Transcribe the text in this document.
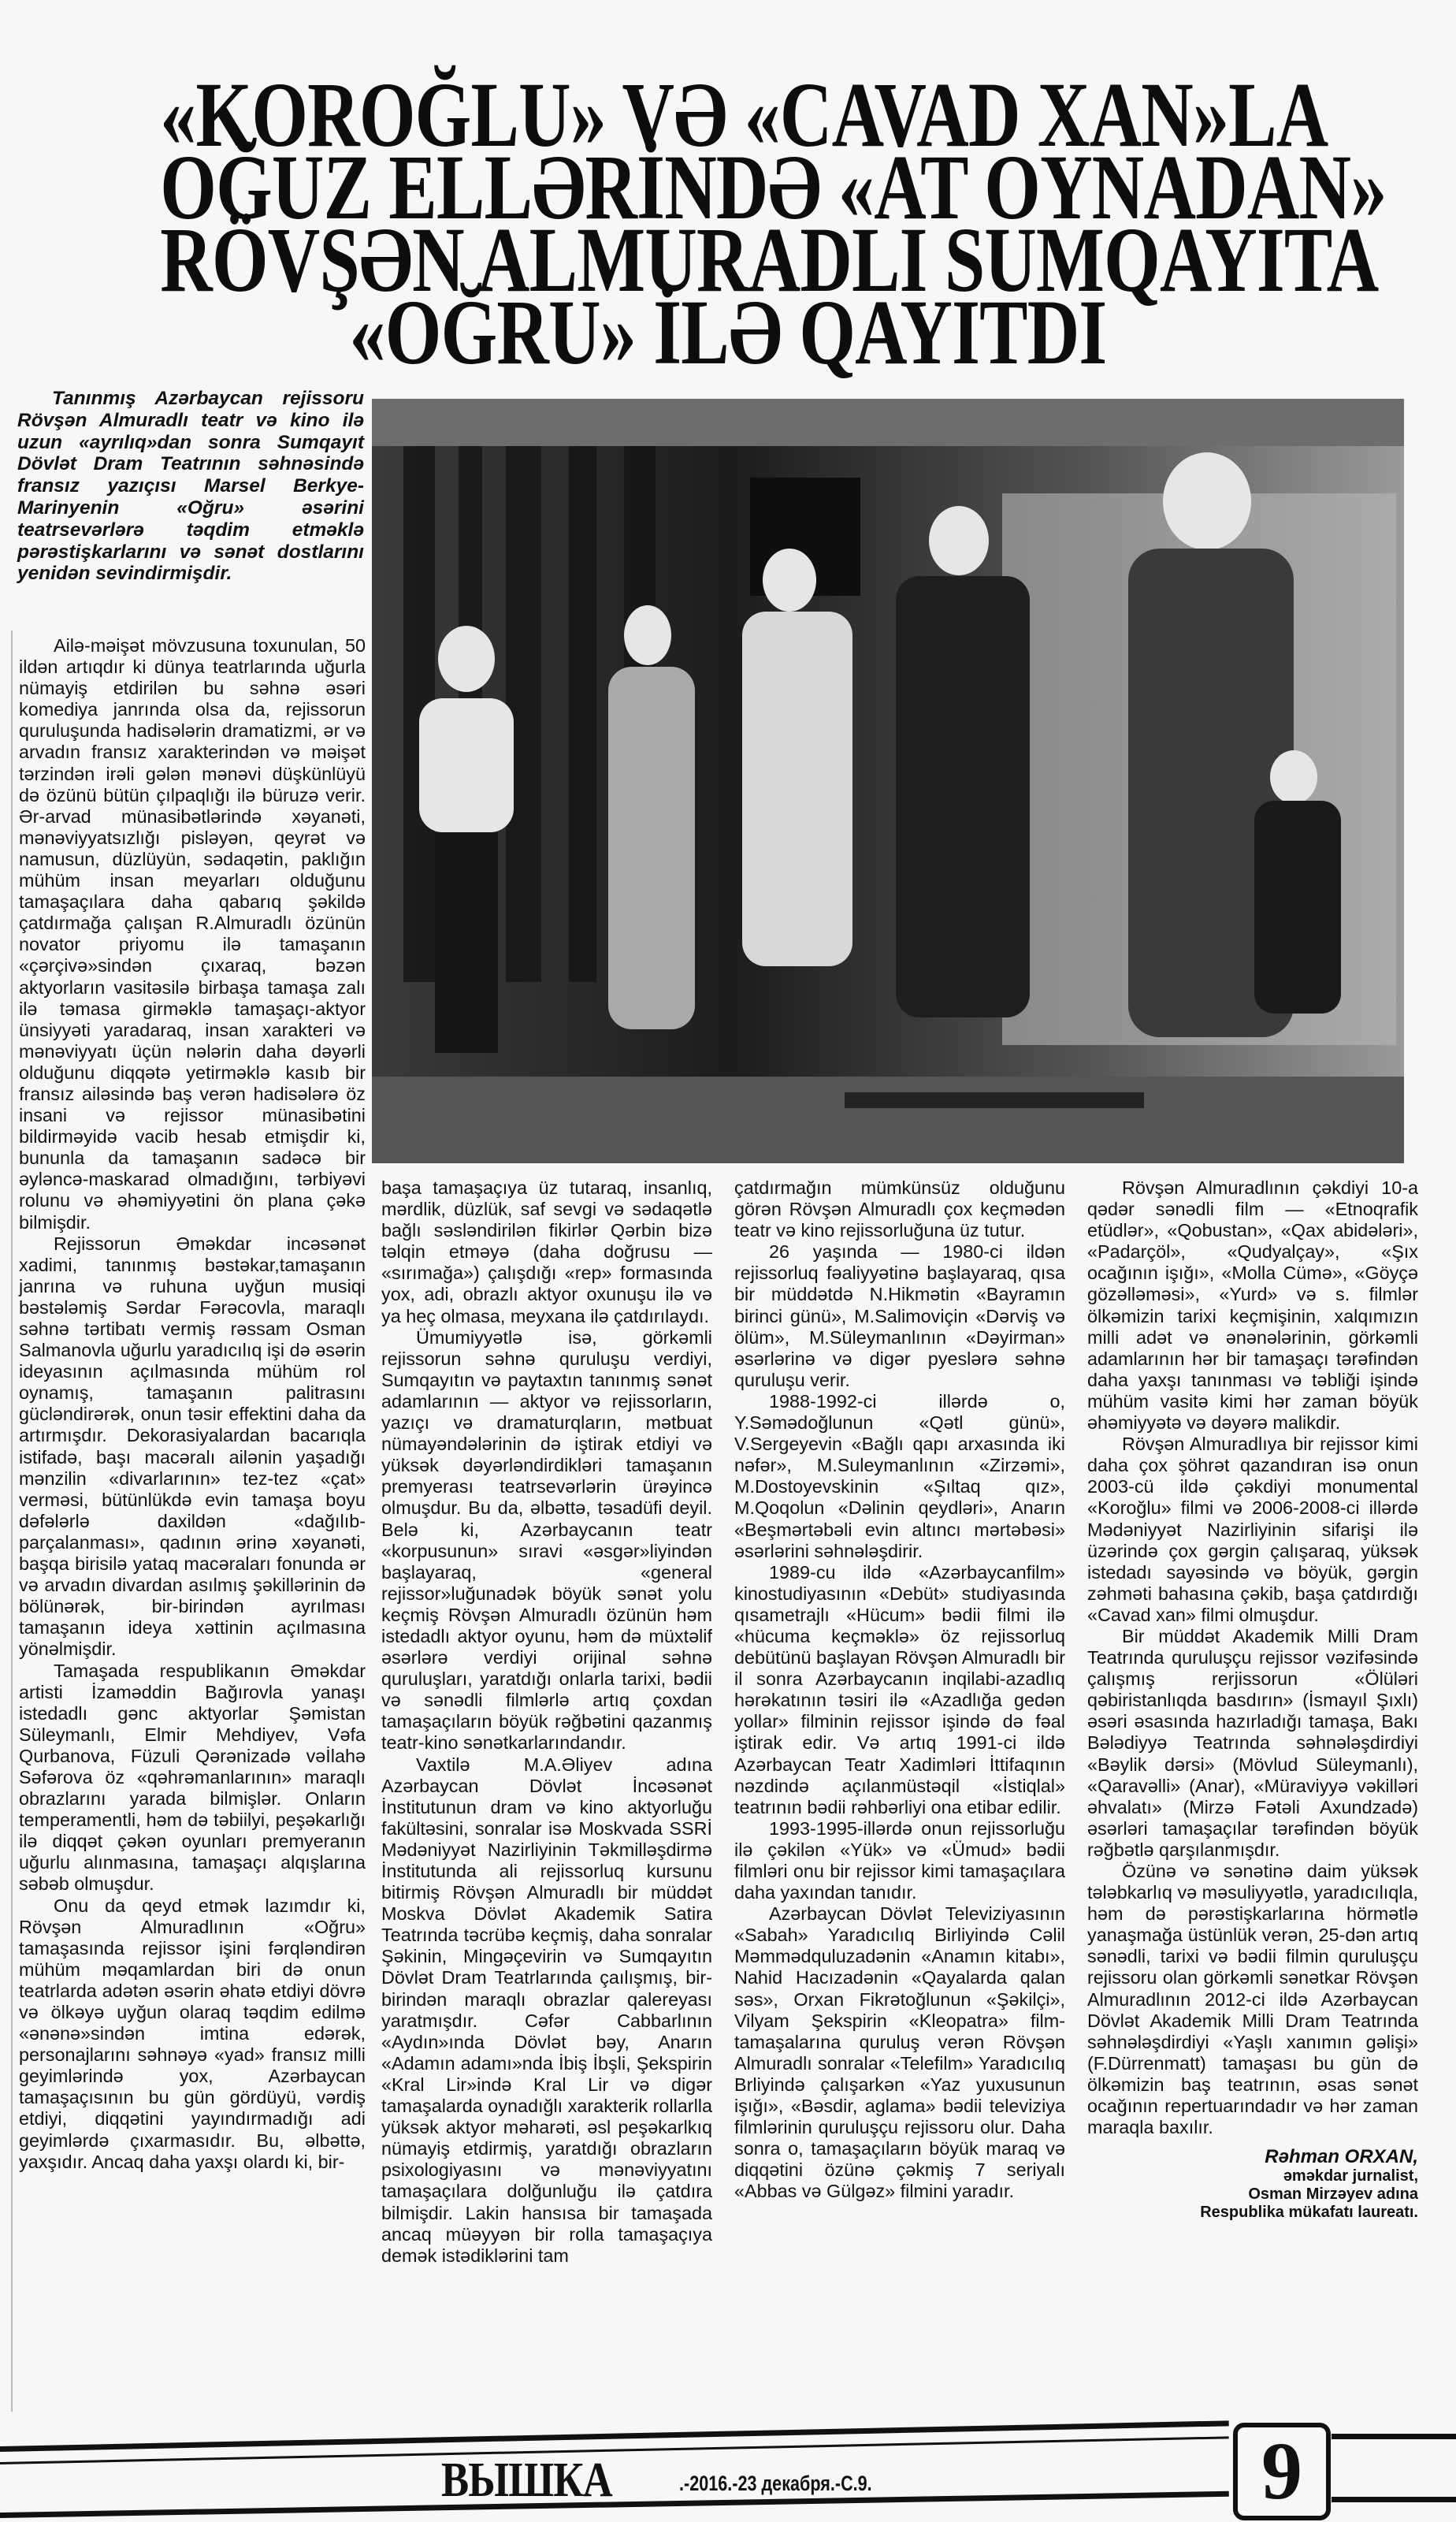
«KOROĞLU» VƏ «CAVAD XAN»LA
OĞUZ ELLƏRİNDƏ «AT OYNADAN»
RÖVŞƏN ALMURADLI SUMQAYITA
«OĞRU» İLƏ QAYITDI
Tanınmış Azərbaycan rejissoru Rövşən Almuradlı teatr və kino ilə uzun «ayrılıq»dan sonra Sumqayıt Dövlət Dram Teatrının səhnəsində fransız yazıçısı Marsel Berkye-Marinyenin «Oğru» əsərini teatrsevərlərə təqdim etməklə pərəstişkarlarını və sənət dostlarını yenidən sevindirmişdir.

Ailə-məişət mövzusuna toxunulan, 50 ildən artıqdır ki dünya teatrlarında uğurla nümayiş etdirilən bu səhnə əsəri komediya janrında olsa da, rejissorun quruluşunda hadisələrin dramatizmi, ər və arvadın fransız xarakterindən və məişət tərzindən irəli gələn mənəvi düşkünlüyü də özünü bütün çılpaqlığı ilə büruzə verir. Ər-arvad münasibətlərində xəyanəti, mənəviyyatsızlığı pisləyən, qeyrət və namusun, düzlüyün, sədaqətin, paklığın mühüm insan meyarları olduğunu tamaşaçılara daha qabarıq şəkildə çatdırmağa çalışan R.Almuradlı özünün novator priyomu ilə tamaşanın «çərçivə»sindən çıxaraq, bəzən aktyorların vasitəsilə birbaşa tamaşa zalı ilə təmasa girməklə tamaşaçı-aktyor ünsiyyəti yaradaraq, insan xarakteri və mənəviyyatı üçün nələrin daha dəyərli olduğunu diqqətə yetirməklə kasıb bir fransız ailəsində baş verən hadisələrə öz insani və rejissor münasibətini bildirməyidə vacib hesab etmişdir ki, bununla da tamaşanın sadəcə bir əyləncə-maskarad olmadığını, tərbiyəvi rolunu və əhəmiyyətini ön plana çəkə bilmişdir.

Rejissorun Əməkdar incəsənət xadimi, tanınmış bəstəkar,tamaşanın janrına və ruhuna uyğun musiqi bəstələmiş Sərdar Fərəcovla, maraqlı səhnə tərtibatı vermiş rəssam Osman Salmanovla uğurlu yaradıcılıq işi də əsərin ideyasının açılmasında mühüm rol oynamış, tamaşanın palitrasını gücləndirərək, onun təsir effektini daha da artırmışdır. Dekorasiyalardan bacarıqla istifadə, başı macəralı ailənin yaşadığı mənzilin «divarlarının» tez-tez «çat» verməsi, bütünlükdə evin tamaşa boyu dəfələrlə daxildən «dağılıb- parçalanması», qadının ərinə xəyanəti, başqa birisilə yataq macəraları fonunda ər və arvadın divardan asılmış şəkillərinin də bölünərək, bir-birindən ayrılması tamaşanın ideya xəttinin açılmasına yönəlmişdir.

Tamaşada respublikanın Əməkdar artisti İzaməddin Bağırovla yanaşı istedadlı gənc aktyorlar Şəmistan Süleymanlı, Elmir Mehdiyev, Vəfa Qurbanova, Füzuli Qərənizadə vəİlahə Səfərova öz «qəhrəmanlarının» maraqlı obrazlarını yarada bilmişlər. Onların temperamentli, həm də təbiilyi, peşəkarlığı ilə diqqət çəkən oyunları premyeranın uğurlu alınmasına, tamaşaçı alqışlarına səbəb olmuşdur.

Onu da qeyd etmək lazımdır ki, Rövşən Almuradlının «Oğru» tamaşasında rejissor işini fərqləndirən mühüm məqamlardan biri də onun teatrlarda adətən əsərin əhatə etdiyi dövrə və ölkəyə uyğun olaraq təqdim edilmə «ənənə»sindən imtina edərək, personajlarını səhnəyə «yad» fransız milli geyimlərində yox, Azərbaycan tamaşaçısının bu gün gördüyü, vərdiş etdiyi, diqqətini yayındırmadığı adi geyimlərdə çıxarmasıdır. Bu, əlbəttə, yaxşıdır. Ancaq daha yaxşı olardı ki, bir-

başa tamaşaçıya üz tutaraq, insanlıq, mərdlik, düzlük, saf sevgi və sədaqətlə bağlı səsləndirilən fikirlər Qərbin bizə təlqin etməyə (daha doğrusu — «sırımağa») çalışdığı «rep» formasında yox, adi, obrazlı aktyor oxunuşu ilə və ya heç olmasa, meyxana ilə çatdırılaydı.

Ümumiyyətlə isə, görkəmli rejissorun səhnə quruluşu verdiyi, Sumqayıtın və paytaxtın tanınmış sənət adamlarının — aktyor və rejissorların, yazıçı və dramaturqların, mətbuat nümayəndələrinin də iştirak etdiyi və yüksək dəyərləndirdikləri tamaşanın premyerası teatrsevərlərin ürəyincə olmuşdur. Bu da, əlbəttə, təsadüfi deyil. Belə ki, Azərbaycanın teatr «korpusunun» sıravi «əsgər»liyindən başlayaraq, «general rejissor»luğunadək böyük sənət yolu keçmiş Rövşən Almuradlı özünün həm istedadlı aktyor oyunu, həm də müxtəlif əsərlərə verdiyi orijinal səhnə quruluşları, yaratdığı onlarla tarixi, bədii və sənədli filmlərlə artıq çoxdan tamaşaçıların böyük rəğbətini qazanmış teatr-kino sənətkarlarındandır.

Vaxtilə M.A.Əliyev adına Azərbaycan Dövlət İncəsənət İnstitutunun dram və kino aktyorluğu fakültəsini, sonralar isə Moskvada SSRİ Mədəniyyət Nazirliyinin Təkmilləşdirmə İnstitutunda ali rejissorluq kursunu bitirmiş Rövşən Almuradlı bir müddət Moskva Dövlət Akademik Satira Teatrında təcrübə keçmiş, daha sonralar Şəkinin, Mingəçevirin və Sumqayıtın Dövlət Dram Teatrlarında çaılışmış, bir-birindən maraqlı obrazlar qalereyası yaratmışdır. Cəfər Cabbarlının «Aydın»ında Dövlət bəy, Anarın «Adamın adamı»nda İbiş İbşli, Şekspirin «Kral Lir»ində Kral Lir və digər tamaşalarda oynadığlı xarakterik rollarlla yüksək aktyor məharəti, əsl peşəkarlkıq nümayiş etdirmiş, yaratdığı obrazların psixologiyasını və mənəviyyatını tamaşaçılara dolğunluğu ilə çatdıra bilmişdir. Lakin hansısa bir tamaşada ancaq müəyyən bir rolla tamaşaçıya demək istədiklərini tam

çatdırmağın mümkünsüz olduğunu görən Rövşən Almuradlı çox keçmədən teatr və kino rejissorluğuna üz tutur.

26 yaşında — 1980-ci ildən rejissorluq fəaliyyətinə başlayaraq, qısa bir müddətdə N.Hikmətin «Bayramın birinci günü», M.Salimoviçin «Dərviş və ölüm», M.Süleymanlının «Dəyirman» əsərlərinə və digər pyeslərə səhnə quruluşu verir.

1988-1992-ci illərdə o, Y.Səmədoğlunun «Qətl günü», V.Sergeyevin «Bağlı qapı arxasında iki nəfər», M.Suleymanlının «Zirzəmi», M.Dostoyevskinin «Şıltaq qız», M.Qoqolun «Dəlinin qeydləri», Anarın «Beşmərtəbəli evin altıncı mərtəbəsi» əsərlərini səhnələşdirir.

1989-cu ildə «Azərbaycanfilm» kinostudiyasının «Debüt» studiyasında qısametrajlı «Hücum» bədii filmi ilə «hücuma keçməklə» öz rejissorluq debütünü başlayan Rövşən Almuradlı bir il sonra Azərbaycanın inqilabi-azadlıq hərəkatının təsiri ilə «Azadlığa gedən yollar» filminin rejissor işində də fəal iştirak edir. Və artıq 1991-ci ildə Azərbaycan Teatr Xadimləri İttifaqının nəzdində açılanmüstəqil «İstiqlal» teatrının bədii rəhbərliyi ona etibar edilir.

1993-1995-illərdə onun rejissorluğu ilə çəkilən «Yük» və «Ümud» bədii filmləri onu bir rejissor kimi tamaşaçılara daha yaxından tanıdır.

Azərbaycan Dövlət Televiziyasının «Sabah» Yaradıcılıq Birliyində Cəlil Məmmədquluzadənin «Anamın kitabı», Nahid Hacızadənin «Qayalarda qalan səs», Orxan Fikrətoğlunun «Şəkilçi», Vilyam Şekspirin «Kleopatra» film-tamaşalarına quruluş verən Rövşən Almuradlı sonralar «Telefilm» Yaradıcılıq Brliyində çalışarkən «Yaz yuxusunun işığı», «Bəsdir, aglama» bədii televiziya filmlərinin quruluşçu rejissoru olur. Daha sonra o, tamaşaçıların böyük maraq və diqqətini özünə çəkmiş 7 seriyalı «Abbas və Gülgəz» filmini yaradır.

Rövşən Almuradlının çəkdiyi 10-a qədər sənədli film — «Etnoqrafik etüdlər», «Qobustan», «Qax abidələri», «Padarçöl», «Qudyalçay», «Şıx ocağının işığı», «Molla Cümə», «Göyçə gözəlləməsi», «Yurd» və s. filmlər ölkəmizin tarixi keçmişinin, xalqımızın milli adət və ənənələrinin, görkəmli adamlarının hər bir tamaşaçı tərəfindən daha yaxşı tanınması və təbliği işində mühüm vasitə kimi hər zaman böyük əhəmiyyətə və dəyərə malikdir.

Rövşən Almuradlıya bir rejissor kimi daha çox şöhrət qazandıran isə onun 2003-cü ildə çəkdiyi monumental «Koroğlu» filmi və 2006-2008-ci illərdə Mədəniyyət Nazirliyinin sifarişi ilə üzərində çox gərgin çalışaraq, yüksək istedadı sayəsində və böyük, gərgin zəhməti bahasına çəkib, başa çatdırdığı «Cavad xan» filmi olmuşdur.

Bir müddət Akademik Milli Dram Teatrında quruluşçu rejissor vəzifəsində çalışmış rerjissorun «Ölüləri qəbiristanlıqda basdırın» (İsmayıl Şıxlı) əsəri əsasında hazırladığı tamaşa, Bakı Bələdiyyə Teatrında səhnələşdirdiyi «Bəylik dərsi» (Mövlud Süleymanlı), «Qaravəlli» (Anar), «Müraviyyə vəkilləri əhvalatı» (Mirzə Fətəli Axundzadə) əsərləri tamaşaçılar tərəfindən böyük rəğbətlə qarşılanmışdır.

Özünə və sənətinə daim yüksək tələbkarlıq və məsuliyyətlə, yaradıcılıqla, həm də pərəstişkarlarına hörmətlə yanaşmağa üstünlük verən, 25-dən artıq sənədli, tarixi və bədii filmin quruluşçu rejissoru olan görkəmli sənətkar Rövşən Almuradlının 2012-ci ildə Azərbaycan Dövlət Akademik Milli Dram Teatrında səhnələşdirdiyi «Yaşlı xanımın gəlişi» (F.Dürrenmatt) tamaşası bu gün də ölkəmizin baş teatrının, əsas sənət ocağının repertuarındadır və hər zaman maraqla baxılır.

Rəhman ORXAN,
əməkdar jurnalist,
Osman Mirzəyev adına
Respublika mükafatı laureatı.
ВЫШКА	.-2016.-23 декабря.-С.9.	9
